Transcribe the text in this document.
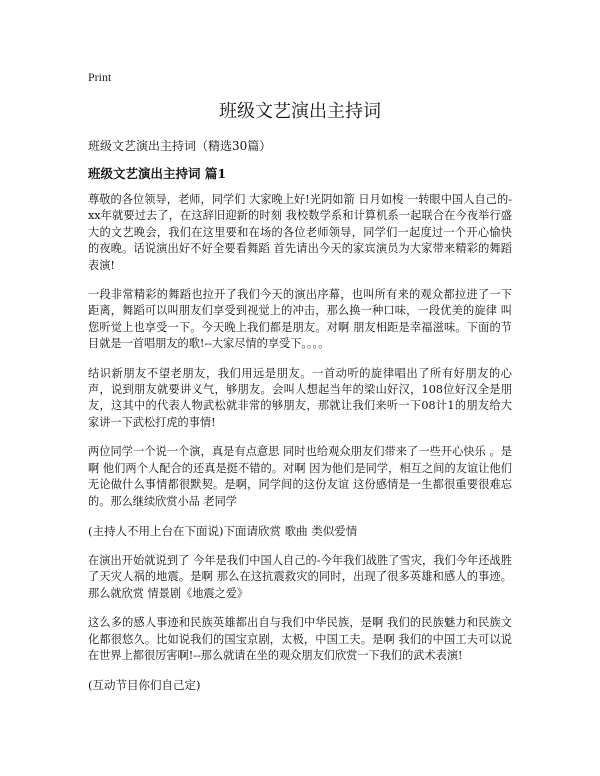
Print
班级文艺演出主持词

班级文艺演出主持词（精选30篇）

班级文艺演出主持词 篇1

尊敬的各位领导，老师，同学们 大家晚上好!光阴如箭 日月如梭 一转眼中国人自己的-xx年就要过去了，在这辞旧迎新的时刻 我校数学系和计算机系一起联合在今夜举行盛大的文艺晚会，我们在这里要和在场的各位老师领导，同学们一起度过一个开心愉快的夜晚。话说演出好不好全要看舞蹈 首先请出今天的家宾演员为大家带来精彩的舞蹈表演!

一段非常精彩的舞蹈也拉开了我们今天的演出序幕，也叫所有来的观众都拉进了一下距离，舞蹈可以叫朋友们享受到视觉上的冲击，那么换一种口味，一段优美的旋律 叫您听觉上也享受一下。今天晚上我们都是朋友。对啊 朋友相距是幸福滋味。下面的节目就是一首唱朋友的歌!--大家尽情的享受下。。。。

结识新朋友不望老朋友，我们用远是朋友。一首动听的旋律唱出了所有好朋友的心声，说到朋友就要讲义气，够朋友。会叫人想起当年的梁山好汉，108位好汉全是朋友，这其中的代表人物武松就非常的够朋友，那就让我们来听一下08计1的朋友给大家讲一下武松打虎的事情!

两位同学一个说一个演，真是有点意思 同时也给观众朋友们带来了一些开心快乐 。是啊 他们两个人配合的还真是挺不错的。对啊 因为他们是同学，相互之间的友谊让他们无论做什么事情都很默契。是啊，同学间的这份友谊 这份感情是一生都很重要很难忘的。那么继续欣赏小品 老同学

(主持人不用上台在下面说)下面请欣赏 歌曲 类似爱情

在演出开始就说到了 今年是我们中国人自己的-今年我们战胜了雪灾，我们今年还战胜了天灾人祸的地震。是啊 那么在这抗震救灾的同时，出现了很多英雄和感人的事迹。那么就欣赏 情景剧《地震之爱》

这么多的感人事迹和民族英雄都出自与我们中华民族，是啊 我们的民族魅力和民族文化都很悠久。比如说我们的国宝京剧，太极，中国工夫。是啊 我们的中国工夫可以说在世界上都很厉害啊!--那么就请在坐的观众朋友们欣赏一下我们的武术表演!

(互动节目你们自己定)
